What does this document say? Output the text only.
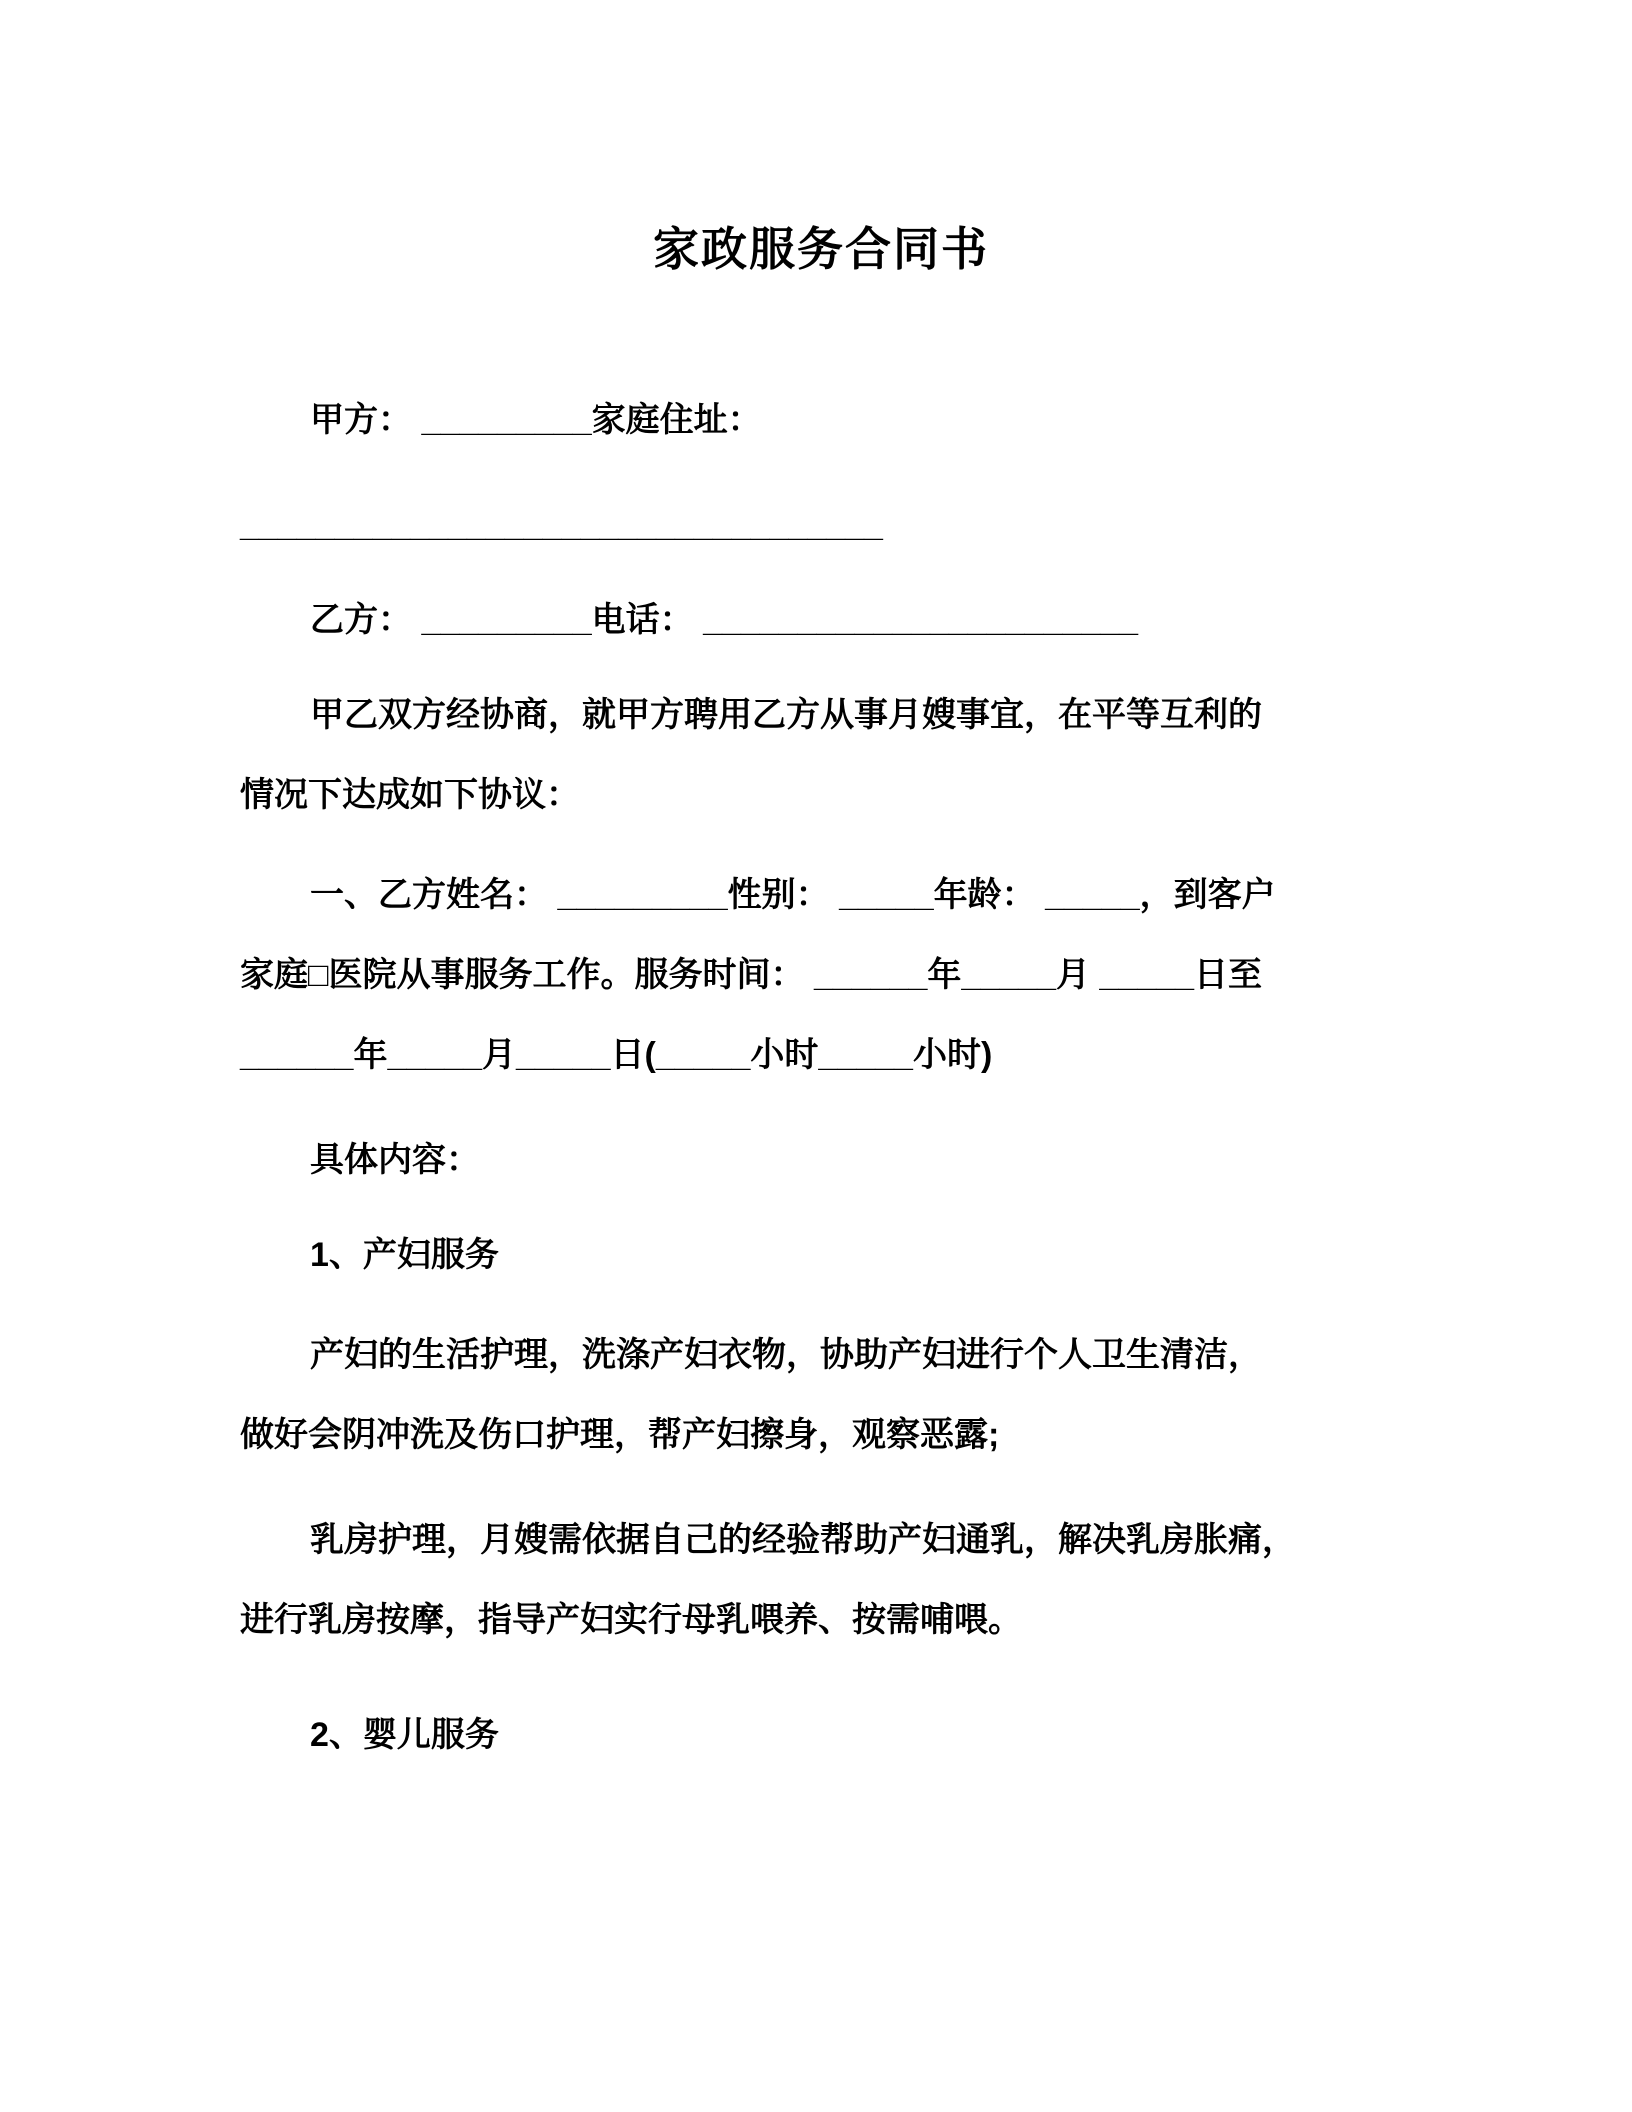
家政服务合同书

甲方： _________家庭住址：

__________________________________

乙方： _________电话： _______________________

甲乙双方经协商，就甲方聘用乙方从事月嫂事宜，在平等互利的

情况下达成如下协议：

一、乙方姓名： _________性别： _____年龄： _____，到客户

家庭□医院从事服务工作。服务时间： ______年_____月 _____日至

______年_____月_____日(_____小时_____小时)

具体内容：

1、产妇服务

产妇的生活护理，洗涤产妇衣物，协助产妇进行个人卫生清洁，

做好会阴冲洗及伤口护理，帮产妇擦身，观察恶露;

乳房护理，月嫂需依据自己的经验帮助产妇通乳，解决乳房胀痛，

进行乳房按摩，指导产妇实行母乳喂养、按需哺喂。

2、婴儿服务
